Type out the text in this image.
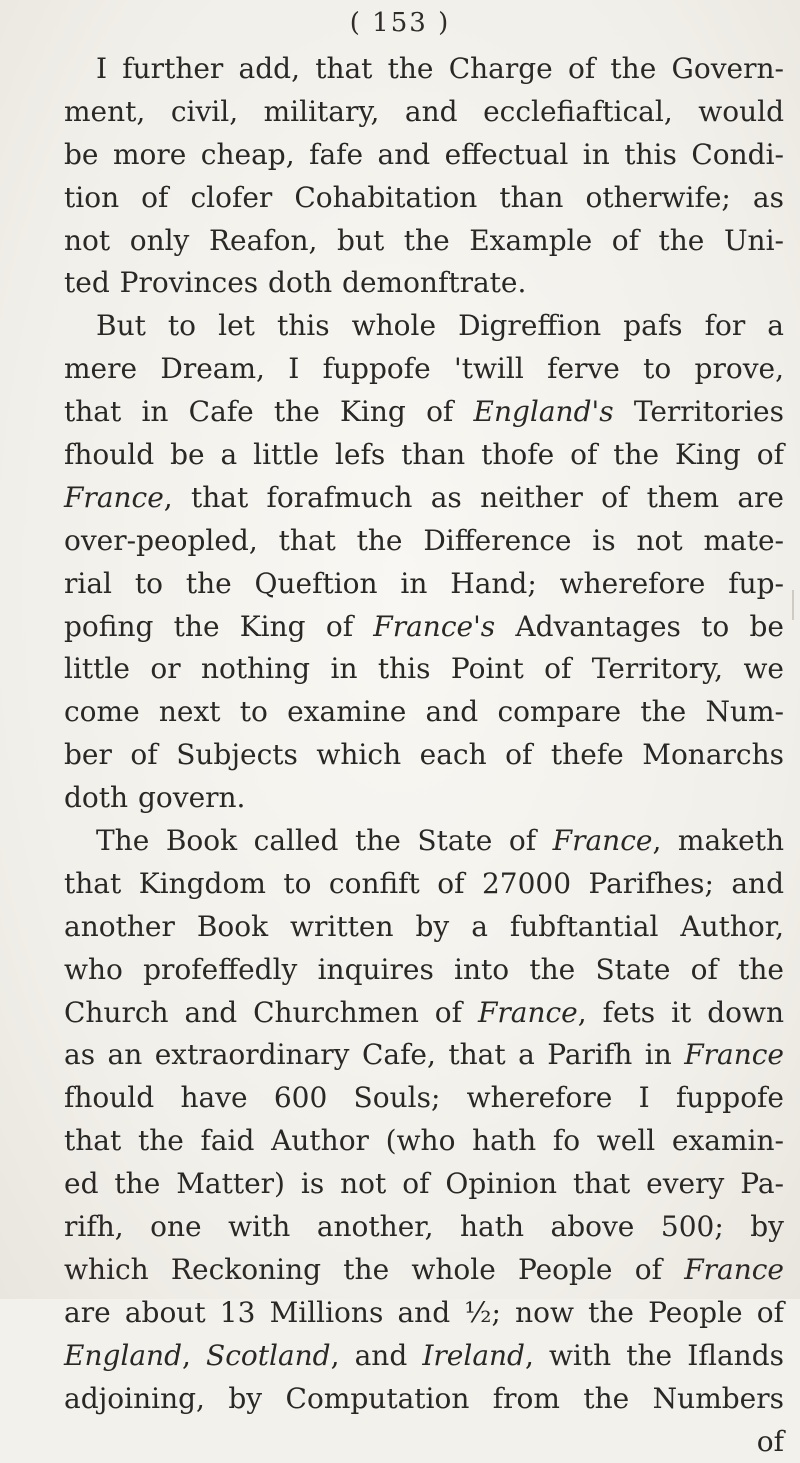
( 153 )
I further add, that the Charge of the Govern-
ment, civil, military, and ecclefiaftical, would
be more cheap, fafe and effectual in this Condi-
tion of clofer Cohabitation than otherwife; as
not only Reafon, but the Example of the Uni-
ted Provinces doth demonftrate.
But to let this whole Digreffion pafs for a
mere Dream, I fuppofe 'twill ferve to prove,
that in Cafe the King of England's Territories
fhould be a little lefs than thofe of the King of
France, that forafmuch as neither of them are
over-peopled, that the Difference is not mate-
rial to the Queftion in Hand; wherefore fup-
pofing the King of France's Advantages to be
little or nothing in this Point of Territory, we
come next to examine and compare the Num-
ber of Subjects which each of thefe Monarchs
doth govern.
The Book called the State of France, maketh
that Kingdom to confift of 27000 Parifhes; and
another Book written by a fubftantial Author,
who profeffedly inquires into the State of the
Church and Churchmen of France, fets it down
as an extraordinary Cafe, that a Parifh in France
fhould have 600 Souls; wherefore I fuppofe
that the faid Author (who hath fo well examin-
ed the Matter) is not of Opinion that every Pa-
rifh, one with another, hath above 500; by
which Reckoning the whole People of France
are about 13 Millions and ½; now the People of
England, Scotland, and Ireland, with the Iflands
adjoining, by Computation from the Numbers
of
